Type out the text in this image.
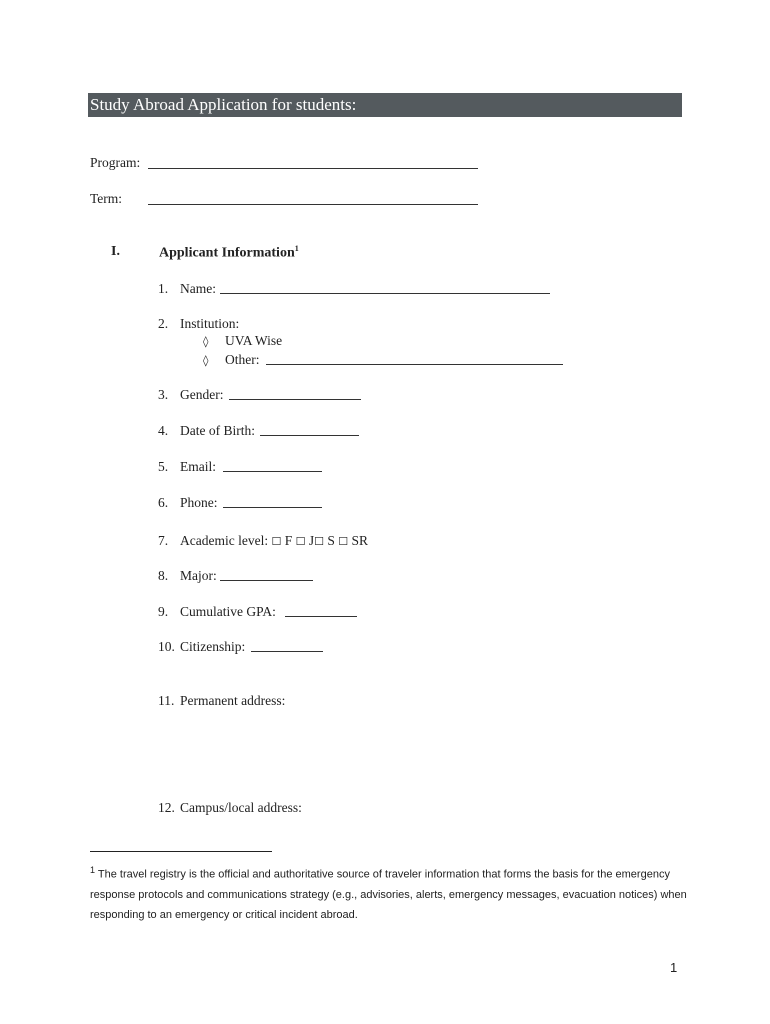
Study Abroad Application for students:
Program:
Term:
I.	Applicant Information$^1$
1. Name:
2. Institution:
◊ UVA Wise
◊ Other:
3. Gender:
4. Date of Birth:
5. Email:
6. Phone:
7. Academic level: ☐ F ☐ J☐ S ☐ SR
8. Major:
9. Cumulative GPA:
10. Citizenship:
11. Permanent address:
12. Campus/local address:
$^1$ The travel registry is the official and authoritative source of traveler information that forms the basis for the emergency response protocols and communications strategy (e.g., advisories, alerts, emergency messages, evacuation notices) when responding to an emergency or critical incident abroad.
1
